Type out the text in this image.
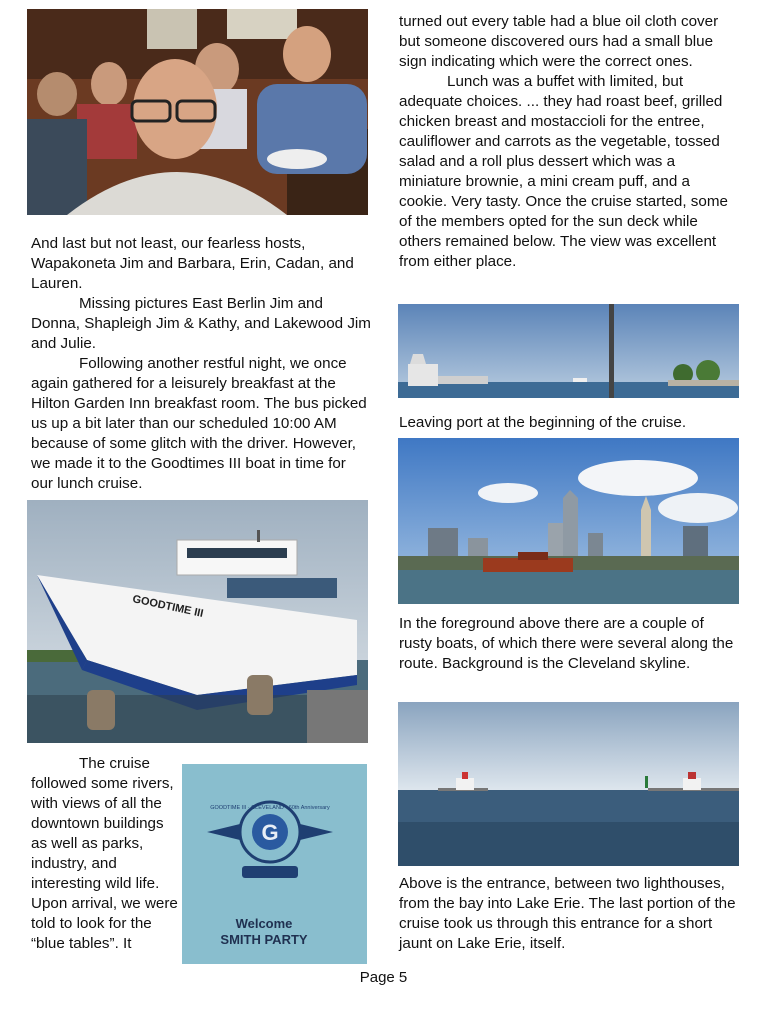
And last but not least, our fearless hosts, Wapakoneta Jim and Barbara, Erin, Cadan, and Lauren.

Missing pictures East Berlin Jim and Donna, Shapleigh Jim & Kathy, and Lakewood Jim and Julie.

Following another restful night, we once again gathered for a leisurely breakfast at the Hilton Garden Inn breakfast room. The bus picked us up a bit later than our scheduled 10:00 AM because of some glitch with the driver. However, we made it to the Goodtimes III boat in time for our lunch cruise.

GOODTIME III

The cruise followed some rivers, with views of all the downtown buildings as well as parks, industry, and interesting wild life. Upon arrival, we were told to look for the “blue tables”. It

G
GOODTIME III · CLEVELAND · 60th Anniversary
Welcome
SMITH PARTY

turned out every table had a blue oil cloth cover but someone discovered ours had a small blue sign indicating which were the correct ones.

Lunch was a buffet with limited, but adequate choices. ... they had roast beef, grilled chicken breast and mostaccioli for the entree, cauliflower and carrots as the vegetable, tossed salad and a roll plus dessert which was a miniature brownie, a mini cream puff, and a cookie. Very tasty. Once the cruise started, some of the members opted for the sun deck while others remained below. The view was excellent from either place.

Leaving port at the beginning of the cruise.
In the foreground above there are a couple of rusty boats, of which there were several along the route. Background is the Cleveland skyline.
Above is the entrance, between two lighthouses, from the bay into Lake Erie. The last portion of the cruise took us through this entrance for a short jaunt on Lake Erie, itself.
Page 5
